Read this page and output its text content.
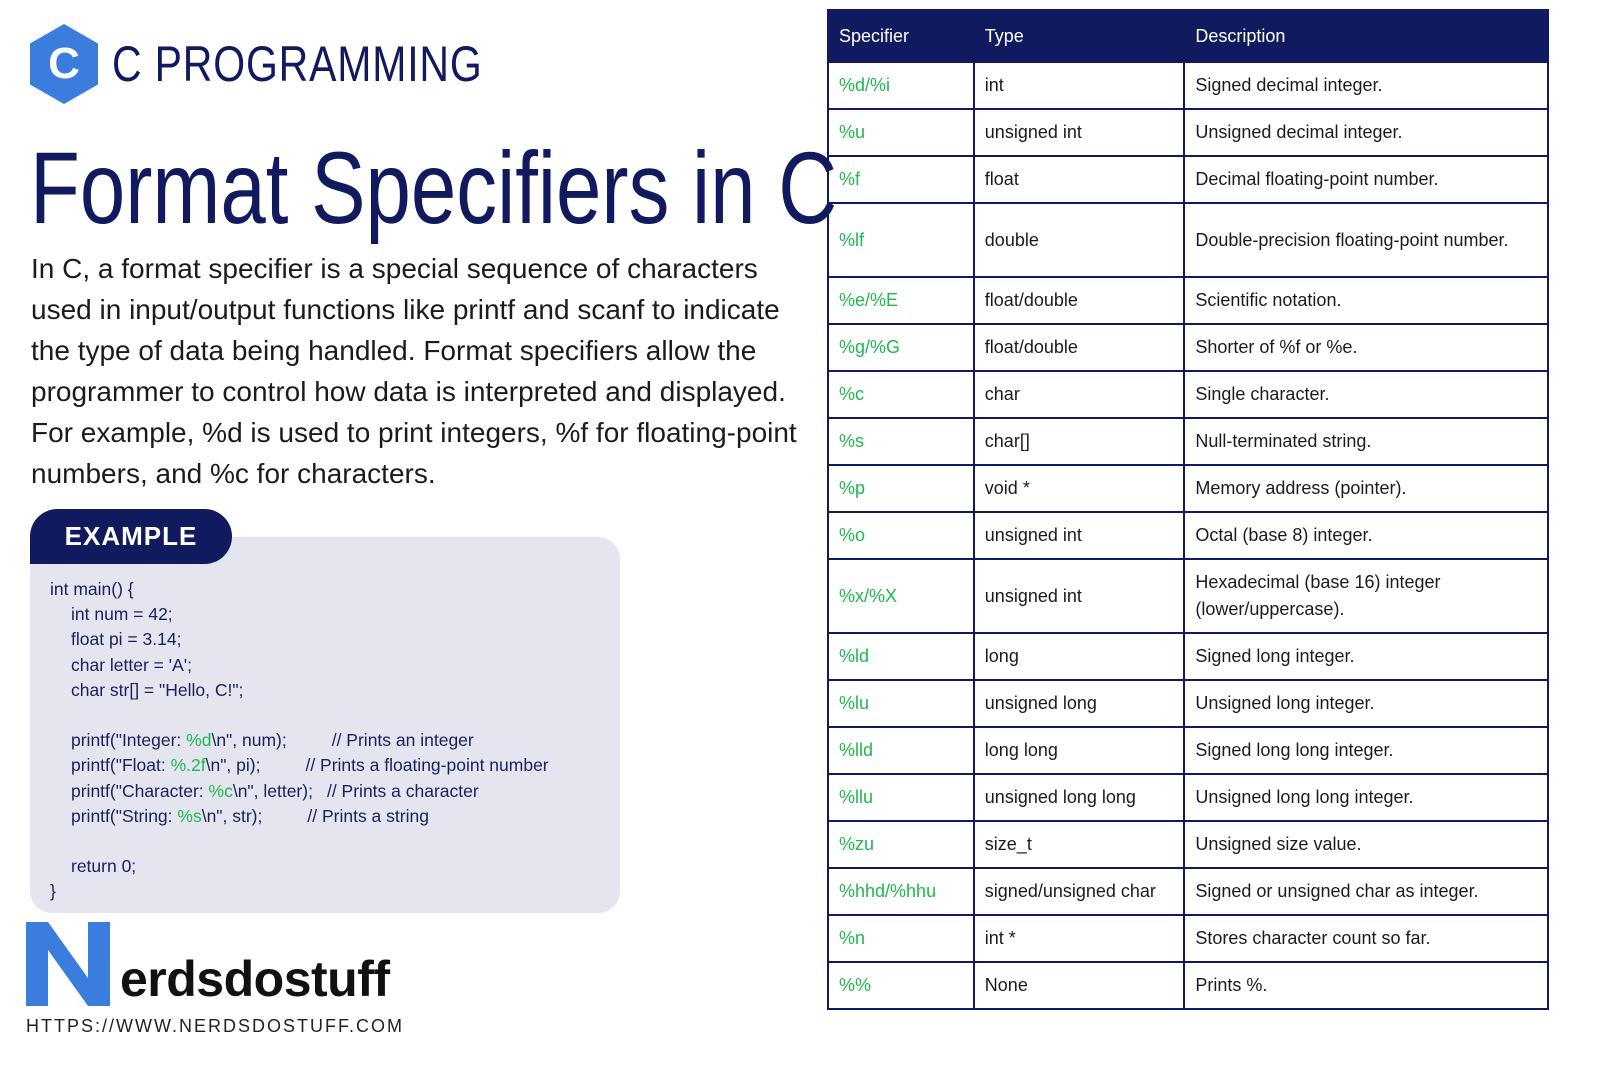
C C PROGRAMMING
Format Specifiers in C

In C, a format specifier is a special sequence of characters used in input/output functions like printf and scanf to indicate the type of data being handled. Format specifiers allow the programmer to control how data is interpreted and displayed. For example, %d is used to print integers, %f for floating-point numbers, and %c for characters.

EXAMPLE
int main() {
int num = 42;
float pi = 3.14;
char letter = 'A';
char str[] = "Hello, C!";
printf("Integer: %d\n", num);	// Prints an integer
printf("Float: %.2f\n", pi);	// Prints a floating-point number
printf("Character: %c\n", letter); // Prints a character
printf("String: %s\n", str);	// Prints a string
return 0;
}
erdsdostuff
HTTPS://WWW.NERDSDOSTUFF.COM
Specifier	Type	Description
%d/%i	int	Signed decimal integer.
%u	unsigned int	Unsigned decimal integer.
%f	float	Decimal floating-point number.
%lf	double	Double-precision floating-point number.
%e/%E	float/double	Scientific notation.
%g/%G	float/double	Shorter of %f or %e.
%c	char	Single character.
%s	char[]	Null-terminated string.
%p	void *	Memory address (pointer).
%o	unsigned int	Octal (base 8) integer.
%x/%X	unsigned int	Hexadecimal (base 16) integer (lower/uppercase).
%ld	long	Signed long integer.
%lu	unsigned long	Unsigned long integer.
%lld	long long	Signed long long integer.
%llu	unsigned long long	Unsigned long long integer.
%zu	size_t	Unsigned size value.
%hhd/%hhu	signed/unsigned char	Signed or unsigned char as integer.
%n	int *	Stores character count so far.
%%	None	Prints %.
